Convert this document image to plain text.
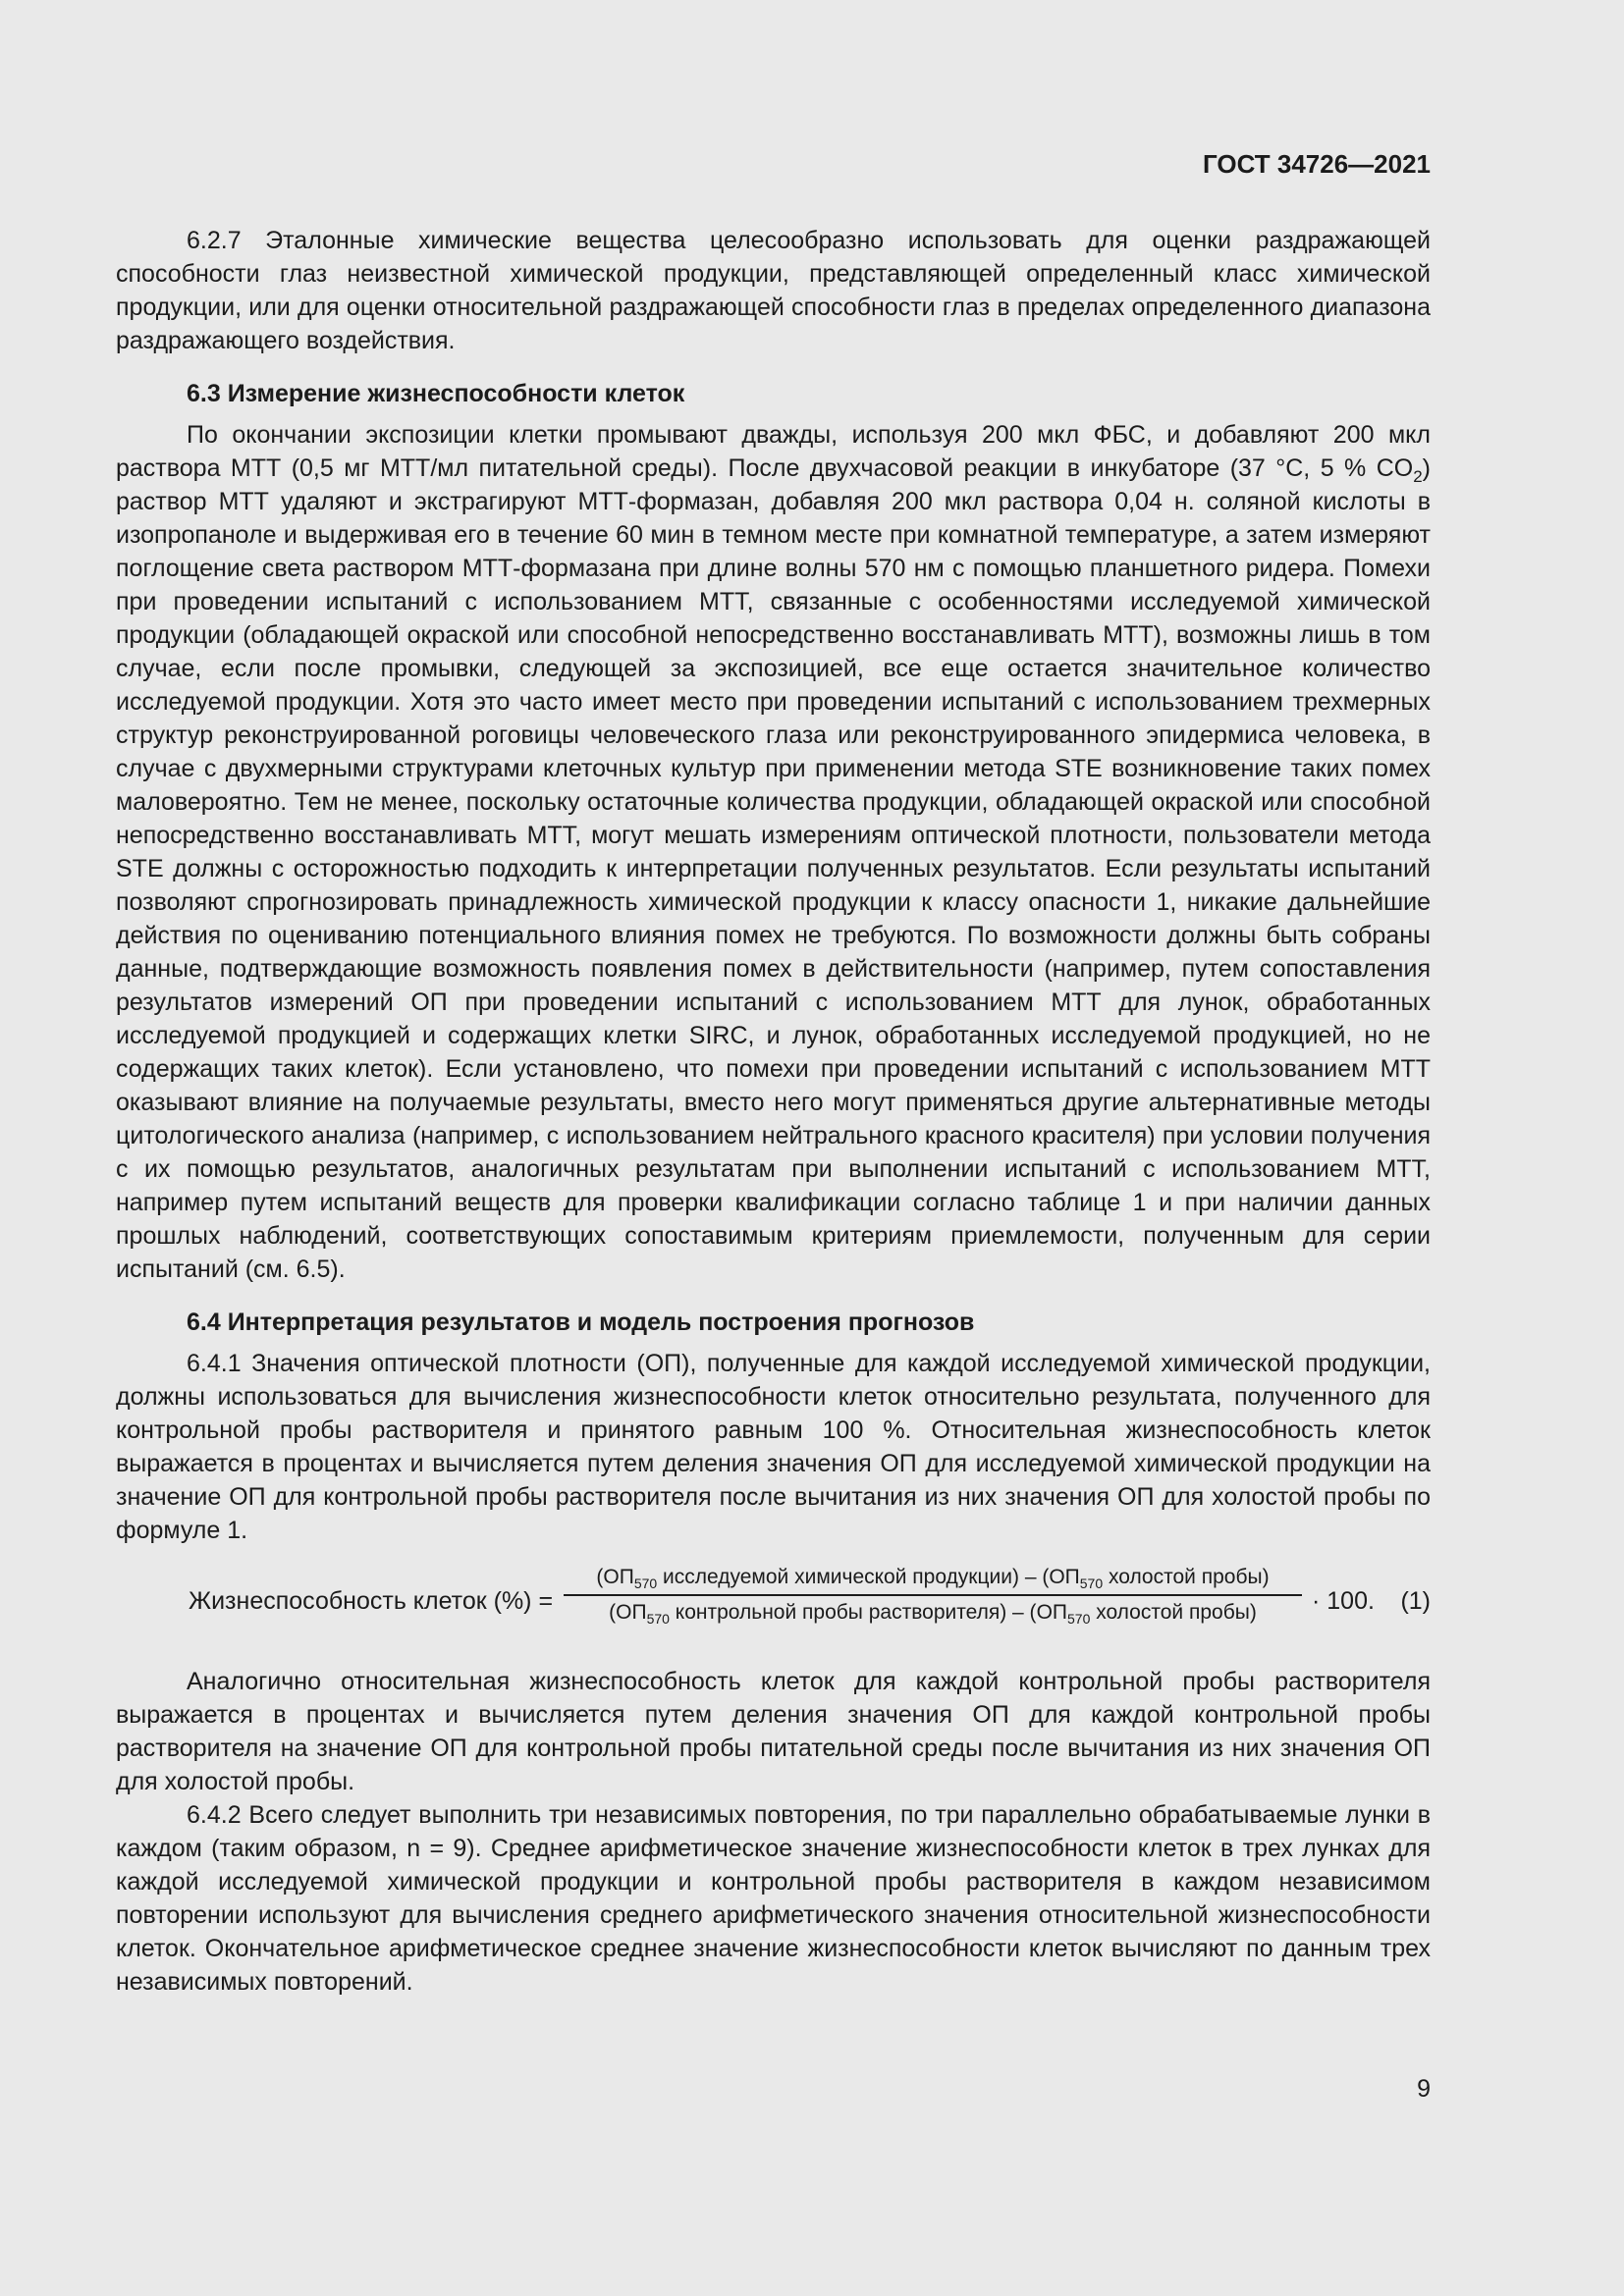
ГОСТ 34726—2021

6.2.7 Эталонные химические вещества целесообразно использовать для оценки раздражающей способности глаз неизвестной химической продукции, представляющей определенный класс химической продукции, или для оценки относительной раздражающей способности глаз в пределах определенного диапазона раздражающего воздействия.

6.3 Измерение жизнеспособности клеток

По окончании экспозиции клетки промывают дважды, используя 200 мкл ФБС, и добавляют 200 мкл раствора МТТ (0,5 мг МТТ/мл питательной среды). После двухчасовой реакции в инкубаторе (37 °C, 5 % $CO_2$) раствор МТТ удаляют и экстрагируют МТТ-формазан, добавляя 200 мкл раствора 0,04 н. соляной кислоты в изопропаноле и выдерживая его в течение 60 мин в темном месте при комнатной температуре, а затем измеряют поглощение света раствором МТТ-формазана при длине волны 570 нм с помощью планшетного ридера. Помехи при проведении испытаний с использованием МТТ, связанные с особенностями исследуемой химической продукции (обладающей окраской или способной непосредственно восстанавливать МТТ), возможны лишь в том случае, если после промывки, следующей за экспозицией, все еще остается значительное количество исследуемой продукции. Хотя это часто имеет место при проведении испытаний с использованием трехмерных структур реконструированной роговицы человеческого глаза или реконструированного эпидермиса человека, в случае с двухмерными структурами клеточных культур при применении метода STE возникновение таких помех маловероятно. Тем не менее, поскольку остаточные количества продукции, обладающей окраской или способной непосредственно восстанавливать МТТ, могут мешать измерениям оптической плотности, пользователи метода STE должны с осторожностью подходить к интерпретации полученных результатов. Если результаты испытаний позволяют спрогнозировать принадлежность химической продукции к классу опасности 1, никакие дальнейшие действия по оцениванию потенциального влияния помех не требуются. По возможности должны быть собраны данные, подтверждающие возможность появления помех в действительности (например, путем сопоставления результатов измерений ОП при проведении испытаний с использованием МТТ для лунок, обработанных исследуемой продукцией и содержащих клетки SIRC, и лунок, обработанных исследуемой продукцией, но не содержащих таких клеток). Если установлено, что помехи при проведении испытаний с использованием МТТ оказывают влияние на получаемые результаты, вместо него могут применяться другие альтернативные методы цитологического анализа (например, с использованием нейтрального красного красителя) при условии получения с их помощью результатов, аналогичных результатам при выполнении испытаний с использованием МТТ, например путем испытаний веществ для проверки квалификации согласно таблице 1 и при наличии данных прошлых наблюдений, соответствующих сопоставимым критериям приемлемости, полученным для серии испытаний (см. 6.5).

6.4 Интерпретация результатов и модель построения прогнозов

6.4.1 Значения оптической плотности (ОП), полученные для каждой исследуемой химической продукции, должны использоваться для вычисления жизнеспособности клеток относительно результата, полученного для контрольной пробы растворителя и принятого равным 100 %. Относительная жизнеспособность клеток выражается в процентах и вычисляется путем деления значения ОП для исследуемой химической продукции на значение ОП для контрольной пробы растворителя после вычитания из них значения ОП для холостой пробы по формуле 1.

Жизнеспособность клеток (%) =
($ОП_{570}$ исследуемой химической продукции) – ($ОП_{570}$ холостой пробы)
($ОП_{570}$ контрольной пробы растворителя) – ($ОП_{570}$ холостой пробы)	· 100. (1)

Аналогично относительная жизнеспособность клеток для каждой контрольной пробы растворителя выражается в процентах и вычисляется путем деления значения ОП для каждой контрольной пробы растворителя на значение ОП для контрольной пробы питательной среды после вычитания из них значения ОП для холостой пробы.

6.4.2 Всего следует выполнить три независимых повторения, по три параллельно обрабатываемые лунки в каждом (таким образом, n = 9). Среднее арифметическое значение жизнеспособности клеток в трех лунках для каждой исследуемой химической продукции и контрольной пробы растворителя в каждом независимом повторении используют для вычисления среднего арифметического значения относительной жизнеспособности клеток. Окончательное арифметическое среднее значение жизнеспособности клеток вычисляют по данным трех независимых повторений.

9
